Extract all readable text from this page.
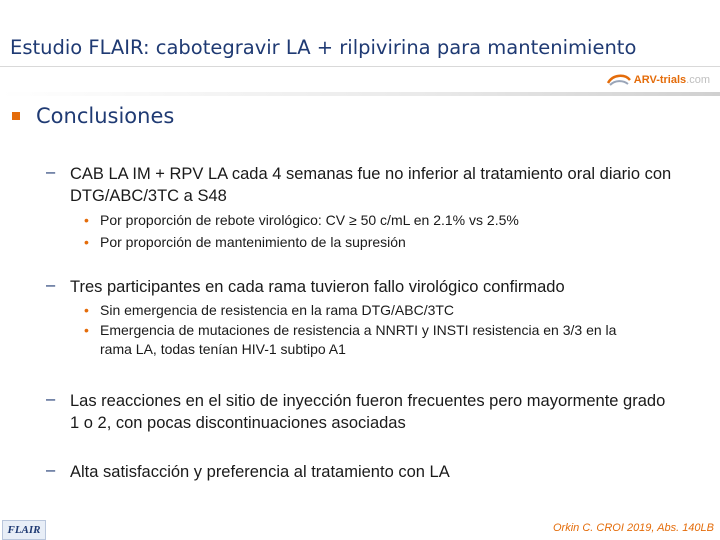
Estudio FLAIR: cabotegravir LA + rilpivirina para mantenimiento
ARV-trials.com
Conclusiones
– CAB LA IM + RPV LA cada 4 semanas fue no inferior al tratamiento oral diario con DTG/ABC/3TC a S48
• Por proporción de rebote virológico: CV ≥ 50 c/mL en 2.1% vs 2.5%
• Por proporción de mantenimiento de la supresión
– Tres participantes en cada rama tuvieron fallo virológico confirmado
• Sin emergencia de resistencia en la rama DTG/ABC/3TC
• Emergencia de mutaciones de resistencia a NNRTI y INSTI resistencia en 3/3 en la rama LA, todas tenían HIV-1 subtipo A1
– Las reacciones en el sitio de inyección fueron frecuentes pero mayormente grado 1 o 2, con pocas discontinuaciones asociadas
– Alta satisfacción y preferencia al tratamiento con LA
FLAIR	Orkin C. CROI 2019, Abs. 140LB
